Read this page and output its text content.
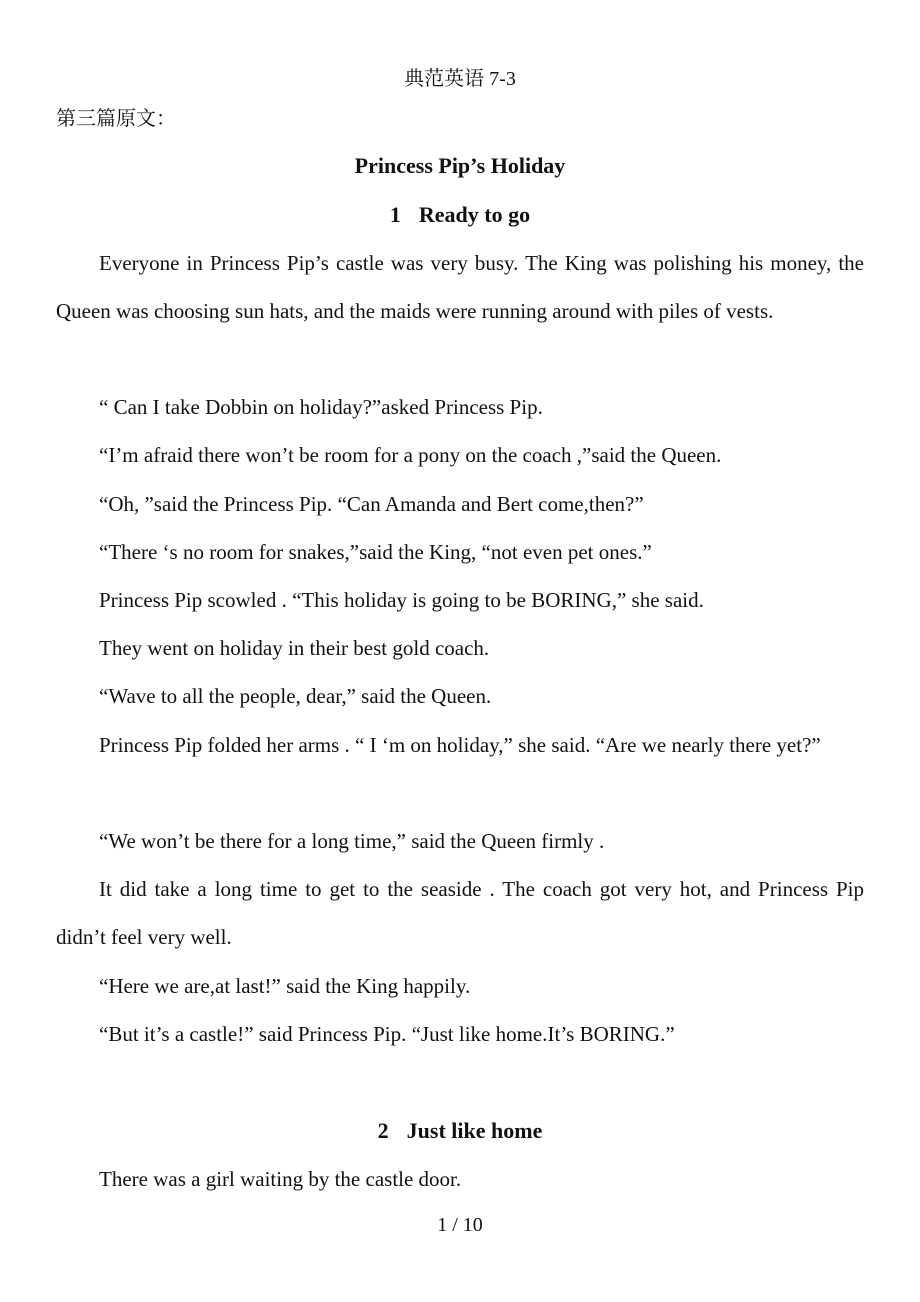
典范英语 7-3
第三篇原文：
Princess Pip’s Holiday
1 Ready to go

Everyone in Princess Pip’s castle was very busy. The King was polishing his money, the Queen was choosing sun hats, and the maids were running around with piles of vests.

“ Can I take Dobbin on holiday?”asked Princess Pip.

“I’m afraid there won’t be room for a pony on the coach ,”said the Queen.

“Oh, ”said the Princess Pip. “Can Amanda and Bert come,then?”

“There ‘s no room for snakes,”said the King, “not even pet ones.”

Princess Pip scowled . “This holiday is going to be BORING,” she said.

They went on holiday in their best gold coach.

“Wave to all the people, dear,” said the Queen.

Princess Pip folded her arms . “ I ‘m on holiday,” she said. “Are we nearly there yet?”

“We won’t be there for a long time,” said the Queen firmly .

It did take a long time to get to the seaside . The coach got very hot, and Princess Pip didn’t feel very well.

“Here we are,at last!” said the King happily.

“But it’s a castle!” said Princess Pip. “Just like home.It’s BORING.”

2 Just like home

There was a girl waiting by the castle door.

1 / 10
